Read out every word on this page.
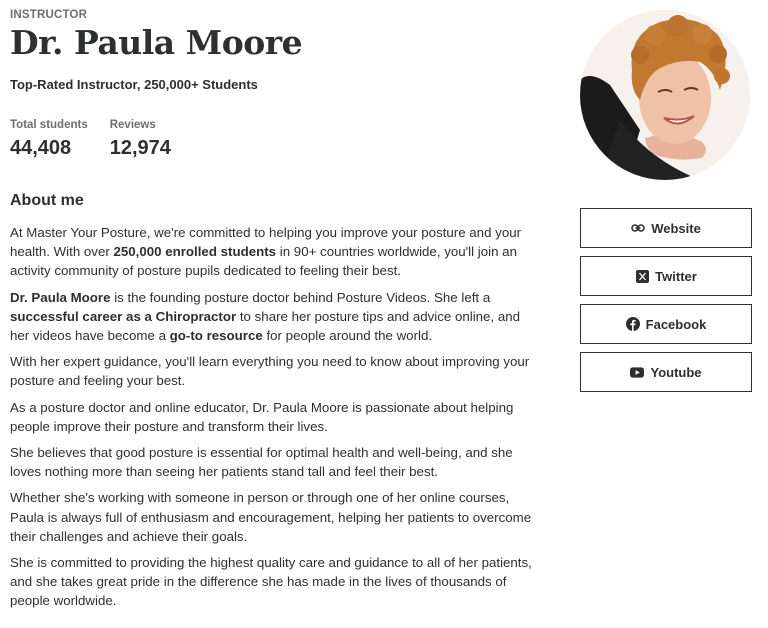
INSTRUCTOR
Dr. Paula Moore
Top-Rated Instructor, 250,000+ Students
Total students
44,408
Reviews
12,974
About me

At Master Your Posture, we're committed to helping you improve your posture and your health. With over 250,000 enrolled students in 90+ countries worldwide, you'll join an activity community of posture pupils dedicated to feeling their best.

Dr. Paula Moore is the founding posture doctor behind Posture Videos. She left a successful career as a Chiropractor to share her posture tips and advice online, and her videos have become a go-to resource for people around the world.

With her expert guidance, you'll learn everything you need to know about improving your posture and feeling your best.

As a posture doctor and online educator, Dr. Paula Moore is passionate about helping people improve their posture and transform their lives.

She believes that good posture is essential for optimal health and well-being, and she loves nothing more than seeing her patients stand tall and feel their best.

Whether she's working with someone in person or through one of her online courses, Paula is always full of enthusiasm and encouragement, helping her patients to overcome their challenges and achieve their goals.

She is committed to providing the highest quality care and guidance to all of her patients, and she takes great pride in the difference she has made in the lives of thousands of people worldwide.

Website
Twitter
Facebook
Youtube
